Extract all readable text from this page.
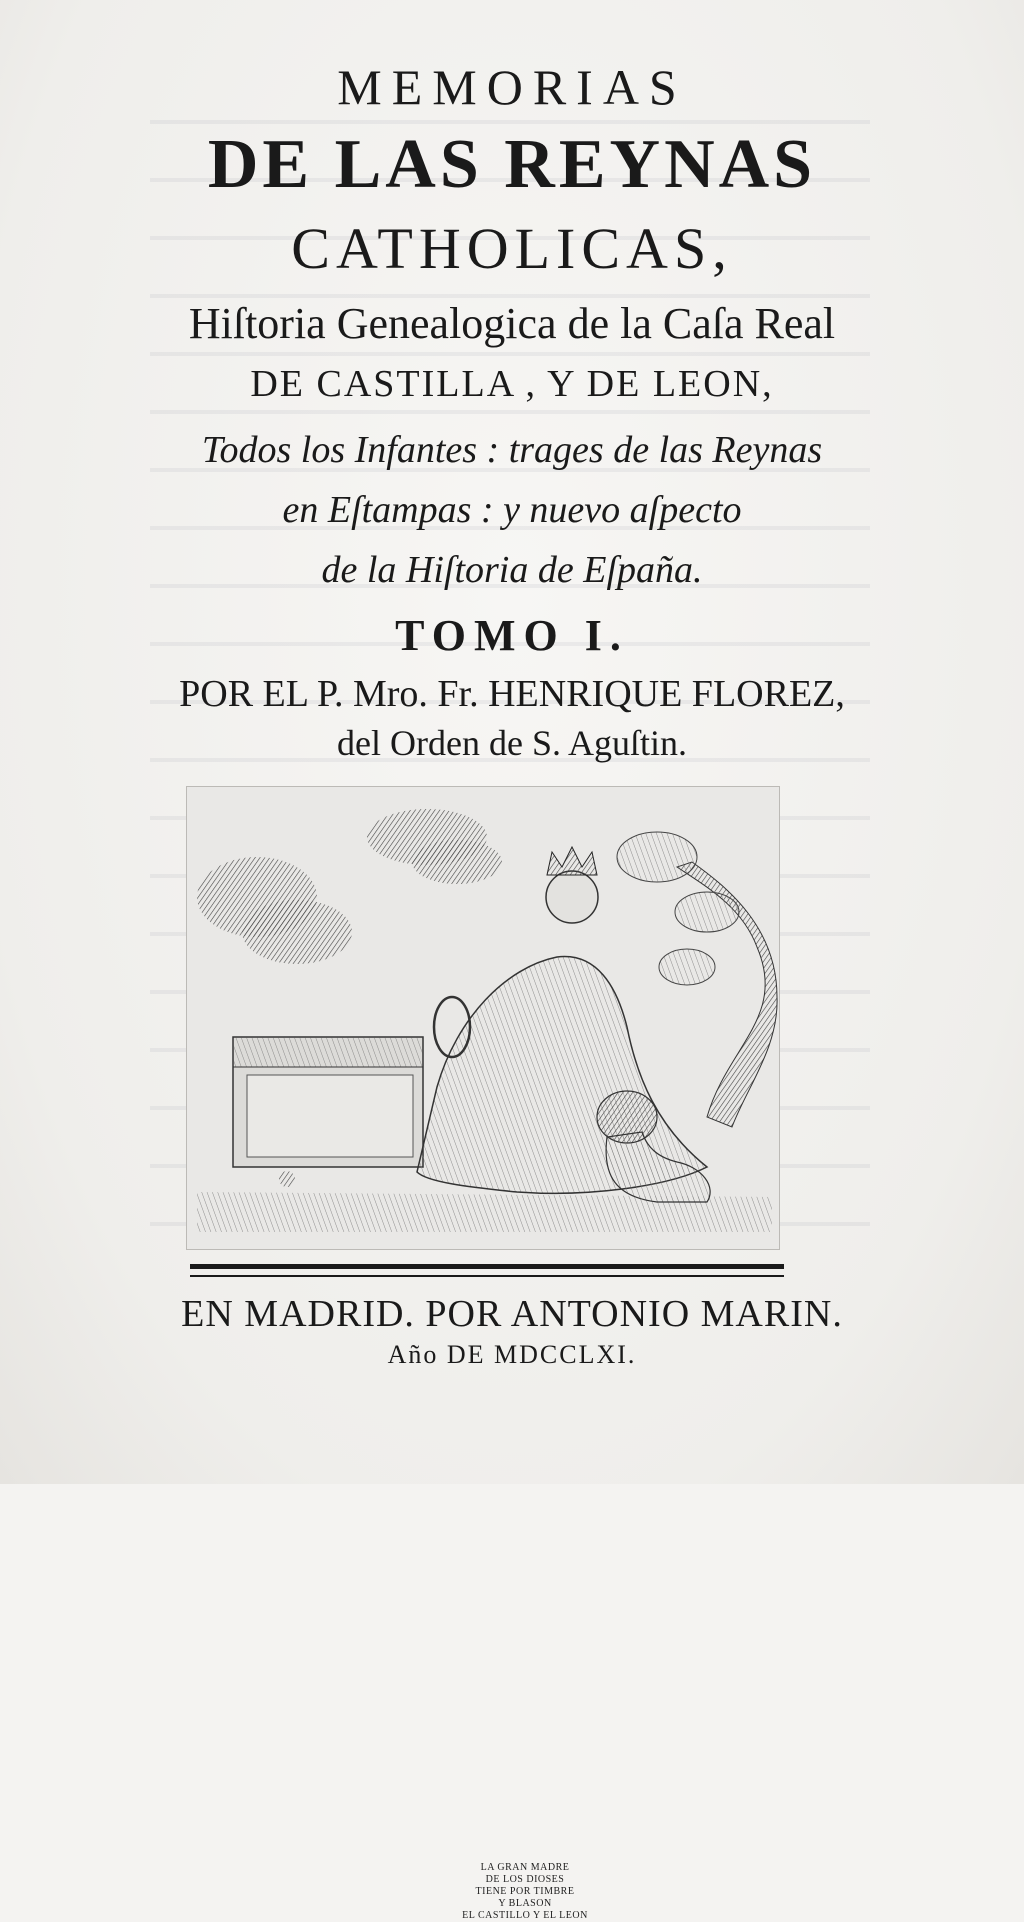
MEMORIAS
DE LAS REYNAS
CATHOLICAS,
Hiſtoria Genealogica de la Caſa Real
DE CASTILLA , Y DE LEON,
Todos los Infantes : trages de las Reynas
en Eſtampas : y nuevo aſpecto
de la Hiſtoria de Eſpaña.
TOMO I.
POR EL P. Mro. Fr. HENRIQUE FLOREZ,
del Orden de S. Aguſtin.
LA GRAN MADRE
DE LOS DIOSES
TIENE POR TIMBRE
Y BLASON
EL CASTILLO Y EL LEON
EN MADRID. POR ANTONIO MARIN.
Año DE MDCCLXI.
